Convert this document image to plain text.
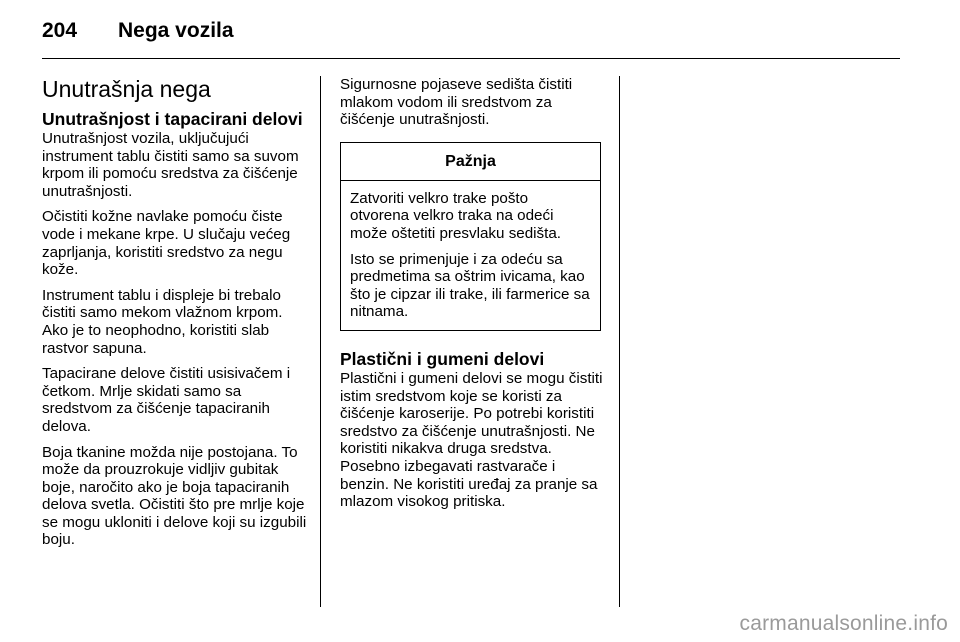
204 Nega vozila
Unutrašnja nega
Unutrašnjost i tapacirani delovi

Unutrašnjost vozila, uključujući instrument tablu čistiti samo sa suvom krpom ili pomoću sredstva za čišćenje unutrašnjosti.

Očistiti kožne navlake pomoću čiste vode i mekane krpe. U slučaju većeg zaprljanja, koristiti sredstvo za negu kože.

Instrument tablu i displeje bi trebalo čistiti samo mekom vlažnom krpom. Ako je to neophodno, koristiti slab rastvor sapuna.

Tapacirane delove čistiti usisivačem i četkom. Mrlje skidati samo sa sredstvom za čišćenje tapaciranih delova.

Boja tkanine možda nije postojana. To može da prouzrokuje vidljiv gubitak boje, naročito ako je boja tapaciranih delova svetla. Očistiti što pre mrlje koje se mogu ukloniti i delove koji su izgubili boju.

Sigurnosne pojaseve sedišta čistiti mlakom vodom ili sredstvom za čišćenje unutrašnjosti.

Pažnja

Zatvoriti velkro trake pošto otvorena velkro traka na odeći može oštetiti presvlaku sedišta.

Isto se primenjuje i za odeću sa predmetima sa oštrim ivicama, kao što je cipzar ili trake, ili farmerice sa nitnama.

Plastični i gumeni delovi

Plastični i gumeni delovi se mogu čistiti istim sredstvom koje se koristi za čišćenje karoserije. Po potrebi koristiti sredstvo za čišćenje unutrašnjosti. Ne koristiti nikakva druga sredstva. Posebno izbegavati rastvarače i benzin. Ne koristiti uređaj za pranje sa mlazom visokog pritiska.

carmanualsonline.info
